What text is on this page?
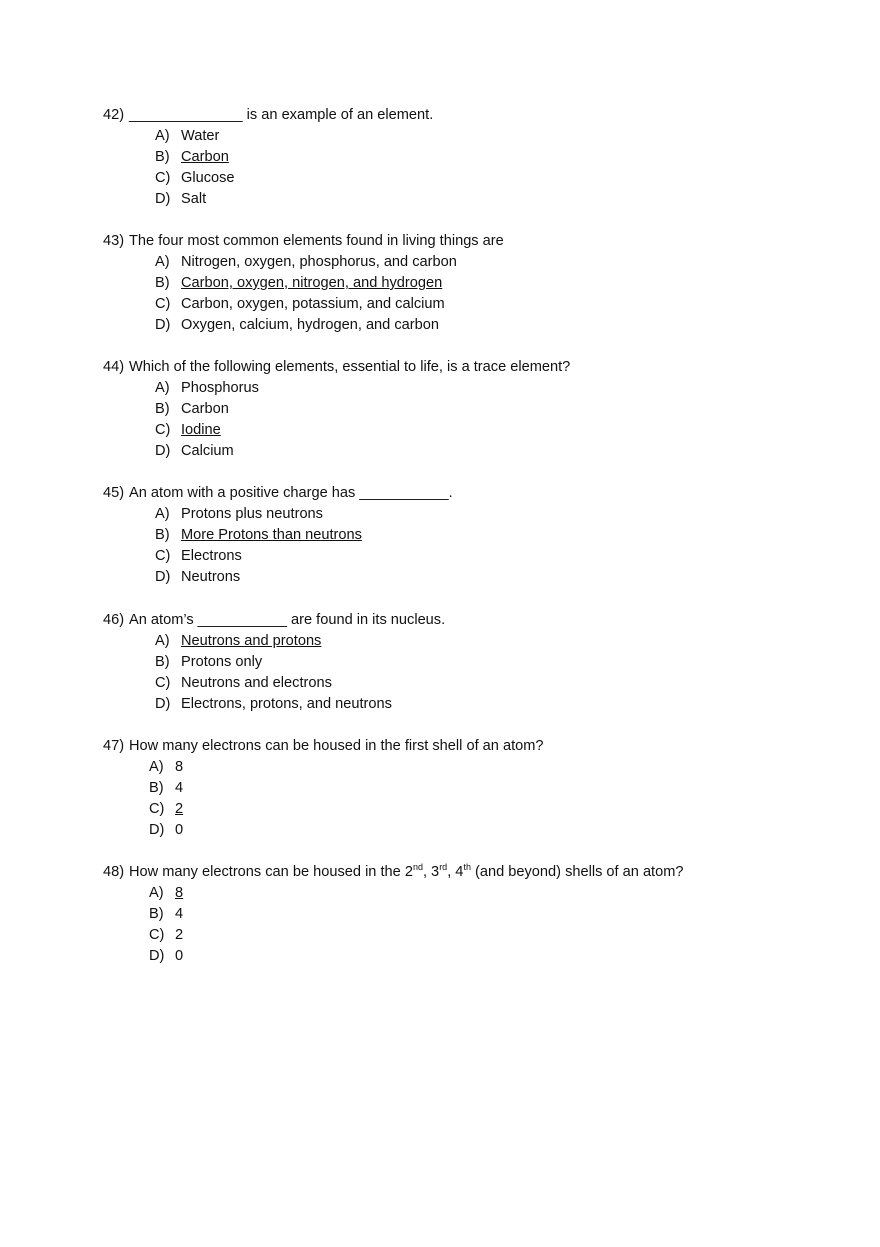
42) ______________ is an example of an element.
A) Water
B) Carbon
C) Glucose
D) Salt
43) The four most common elements found in living things are
A) Nitrogen, oxygen, phosphorus, and carbon
B) Carbon, oxygen, nitrogen, and hydrogen
C) Carbon, oxygen, potassium, and calcium
D) Oxygen, calcium, hydrogen, and carbon
44) Which of the following elements, essential to life, is a trace element?
A) Phosphorus
B) Carbon
C) Iodine
D) Calcium
45) An atom with a positive charge has ___________.
A) Protons plus neutrons
B) More Protons than neutrons
C) Electrons
D) Neutrons
46) An atom’s ___________ are found in its nucleus.
A) Neutrons and protons
B) Protons only
C) Neutrons and electrons
D) Electrons, protons, and neutrons
47) How many electrons can be housed in the first shell of an atom?
A) 8
B) 4
C) 2
D) 0
48) How many electrons can be housed in the 2nd, 3rd, 4th (and beyond) shells of an atom?
A) 8
B) 4
C) 2
D) 0
